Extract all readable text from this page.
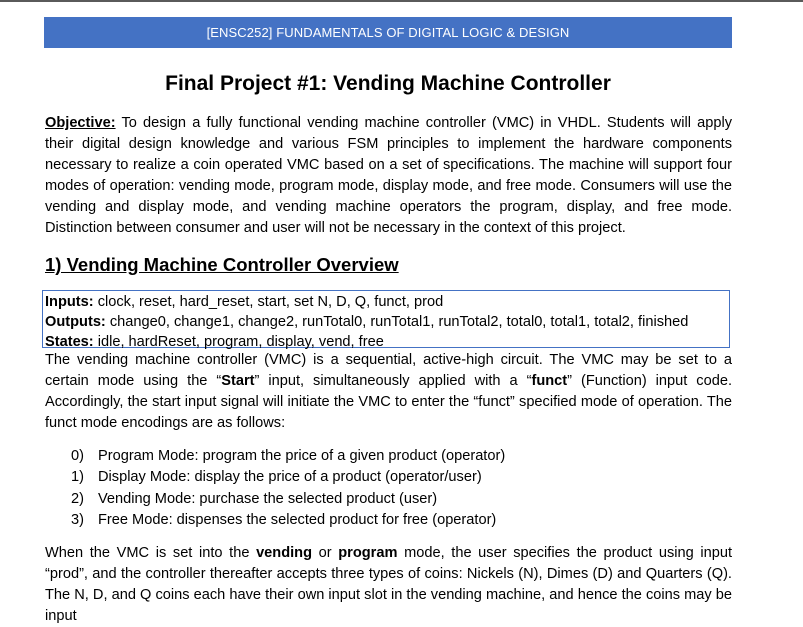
[ENSC252] FUNDAMENTALS OF DIGITAL LOGIC & DESIGN
Final Project #1: Vending Machine Controller

Objective: To design a fully functional vending machine controller (VMC) in VHDL. Students will apply their digital design knowledge and various FSM principles to implement the hardware components necessary to realize a coin operated VMC based on a set of specifications. The machine will support four modes of operation: vending mode, program mode, display mode, and free mode. Consumers will use the vending and display mode, and vending machine operators the program, display, and free mode. Distinction between consumer and user will not be necessary in the context of this project.

1) Vending Machine Controller Overview
Inputs: clock, reset, hard_reset, start, set N, D, Q, funct, prod
Outputs: change0, change1, change2, runTotal0, runTotal1, runTotal2, total0, total1, total2, finished
States: idle, hardReset, program, display, vend, free

The vending machine controller (VMC) is a sequential, active-high circuit. The VMC may be set to a certain mode using the “Start” input, simultaneously applied with a “funct” (Function) input code. Accordingly, the start input signal will initiate the VMC to enter the “funct” specified mode of operation. The funct mode encodings are as follows:

0) Program Mode: program the price of a given product (operator)
1) Display Mode: display the price of a product (operator/user)
2) Vending Mode: purchase the selected product (user)
3) Free Mode: dispenses the selected product for free (operator)

When the VMC is set into the vending or program mode, the user specifies the product using input “prod”, and the controller thereafter accepts three types of coins: Nickels (N), Dimes (D) and Quarters (Q). The N, D, and Q coins each have their own input slot in the vending machine, and hence the coins may be input
